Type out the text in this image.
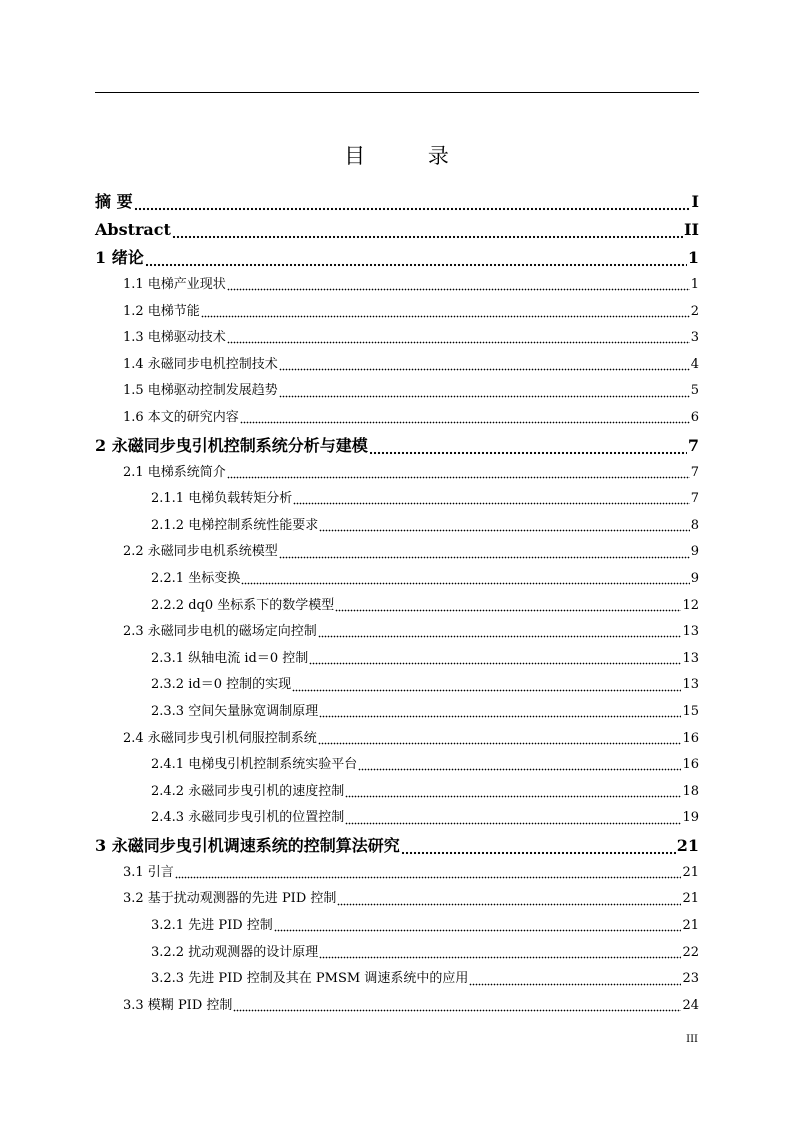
目 录
摘 要	I
Abstract	II
1 绪论	1
1.1 电梯产业现状	1
1.2 电梯节能	2
1.3 电梯驱动技术	3
1.4 永磁同步电机控制技术	4
1.5 电梯驱动控制发展趋势	5
1.6 本文的研究内容	6
2 永磁同步曳引机控制系统分析与建模	7
2.1 电梯系统简介	7
2.1.1 电梯负载转矩分析	7
2.1.2 电梯控制系统性能要求	8
2.2 永磁同步电机系统模型	9
2.2.1 坐标变换	9
2.2.2 dq0 坐标系下的数学模型	12
2.3 永磁同步电机的磁场定向控制	13
2.3.1 纵轴电流 id＝0 控制	13
2.3.2 id＝0 控制的实现	13
2.3.3 空间矢量脉宽调制原理	15
2.4 永磁同步曳引机伺服控制系统	16
2.4.1 电梯曳引机控制系统实验平台	16
2.4.2 永磁同步曳引机的速度控制	18
2.4.3 永磁同步曳引机的位置控制	19
3 永磁同步曳引机调速系统的控制算法研究	21
3.1 引言	21
3.2 基于扰动观测器的先进 PID 控制	21
3.2.1 先进 PID 控制	21
3.2.2 扰动观测器的设计原理	22
3.2.3 先进 PID 控制及其在 PMSM 调速系统中的应用	23
3.3 模糊 PID 控制	24
III
